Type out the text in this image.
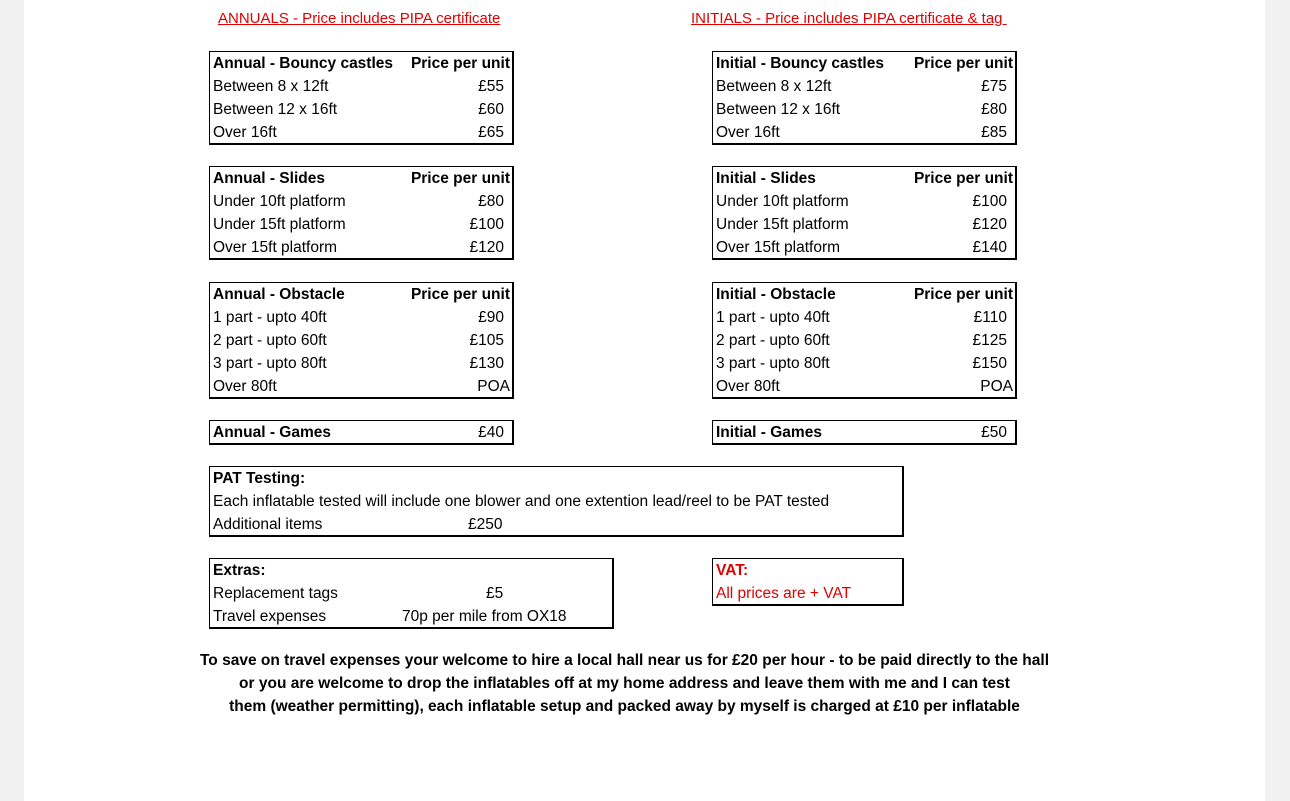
ANNUALS - Price includes PIPA certificate	INITIALS - Price includes PIPA certificate & tag
Annual - Bouncy castles Price per unit
Between 8 x 12ft	£55
Between 12 x 16ft	£60
Over 16ft	£65
Annual - Slides	Price per unit
Under 10ft platform	£80
Under 15ft platform	£100
Over 15ft platform	£120
Annual - Obstacle	Price per unit
1 part - upto 40ft	£90
2 part - upto 60ft	£105
3 part - upto 80ft	£130
Over 80ft	POA
Annual - Games	£40
Initial - Bouncy castles Price per unit
Between 8 x 12ft	£75
Between 12 x 16ft	£80
Over 16ft	£85
Initial - Slides	Price per unit
Under 10ft platform	£100
Under 15ft platform	£120
Over 15ft platform	£140
Initial - Obstacle	Price per unit
1 part - upto 40ft	£110
2 part - upto 60ft	£125
3 part - upto 80ft	£150
Over 80ft	POA
Initial - Games	£50
PAT Testing:
Each inflatable tested will include one blower and one extention lead/reel to be PAT tested
Additional items	£250
Extras:
Replacement tags	£5
Travel expenses	70p per mile from OX18
VAT:
All prices are + VAT
To save on travel expenses your welcome to hire a local hall near us for £20 per hour - to be paid directly to the hall
or you are welcome to drop the inflatables off at my home address and leave them with me and I can test
them (weather permitting), each inflatable setup and packed away by myself is charged at £10 per inflatable
